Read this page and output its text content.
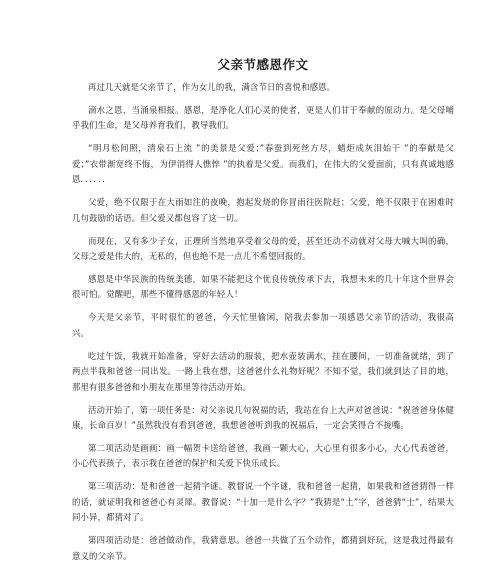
父亲节感恩作文

再过几天就是父亲节了，作为女儿的我，满含节日的喜悦和感恩。

滴水之恩，当涌泉相报。感恩，是净化人们心灵的使者，更是人们甘于奉献的原动力。是父母哺乎我们生命，是父母养育我们，教导我们。

“明月松间照，清泉石上流 ”的美景是父爱；”春蚕到死丝方尽，蜡炬成灰泪始干 ”的奉献是父爱；”衣带渐宽终不悔，为伊消得人憔悴 ”的执着是父爱。而我们，在伟大的父爱面前，只有真诚地感恩．．．．．．

父爱，绝不仅限于在大雨如注的夜晚，抱起发烧的你冒雨往医院赶；父爱，绝不仅限于在困难时几句鼓励的话语。但父爱又都包容了这一切。

而现在，又有多少子女，正理所当然地享受着父母的爱，甚至还动不动就对父母大喊大叫的确，父母之爱是伟大的，无私的，但也绝不是一点儿不希望回报的。

感恩是中华民族的传统美德，如果不能把这个优良传统传承下去，我想未来的几十年这个世界会很可怕。觉醒吧，那些不懂得感恩的年轻人！

今天是父亲节，平时很忙的爸爸，今天忙里偷闲，陪我去参加一项感恩父亲节的活动，我很高兴。

吃过午饭，我就开始准备，穿好去活动的服装，把水壶装满水，挂在腰间，一切准备就绪，到了两点半我和爸爸一同出发。一路上我在想，这爸爸什么礼物好呢？不知不觉，我们就到达了目的地，那里有很多爸爸和小朋友在那里等待活动开始。

活动开始了，第一项任务是：对父亲说几句祝福的话，我站在台上大声对爸爸说：“祝爸爸身体健康，长命百岁！”虽然我没有看到爸爸，我想爸爸听到我的祝福后，一定会笑得合不拢嘴。

第二项活动是画画：画一幅贺卡送给爸爸，我画一颗大心，大心里有很多小心，大心代表爸爸，小心代表孩子，表示我在爸爸的保护和关爱下快乐成长。

第三项活动：是和爸爸一起猜字谜。教督说一个字谜，我和爸爸一起猜，如果我和爸爸猜得一样的话，就证明我和爸爸心有灵犀。教督说：“十加一是什么字？”我猜是“土”字，爸爸猜“士”，结果大同小异，都猜对了。

第四项活动是：爸爸做动作，我猜意思。爸爸一共做了五个动作，都猜到好玩，这是我过得最有意义的父亲节。
